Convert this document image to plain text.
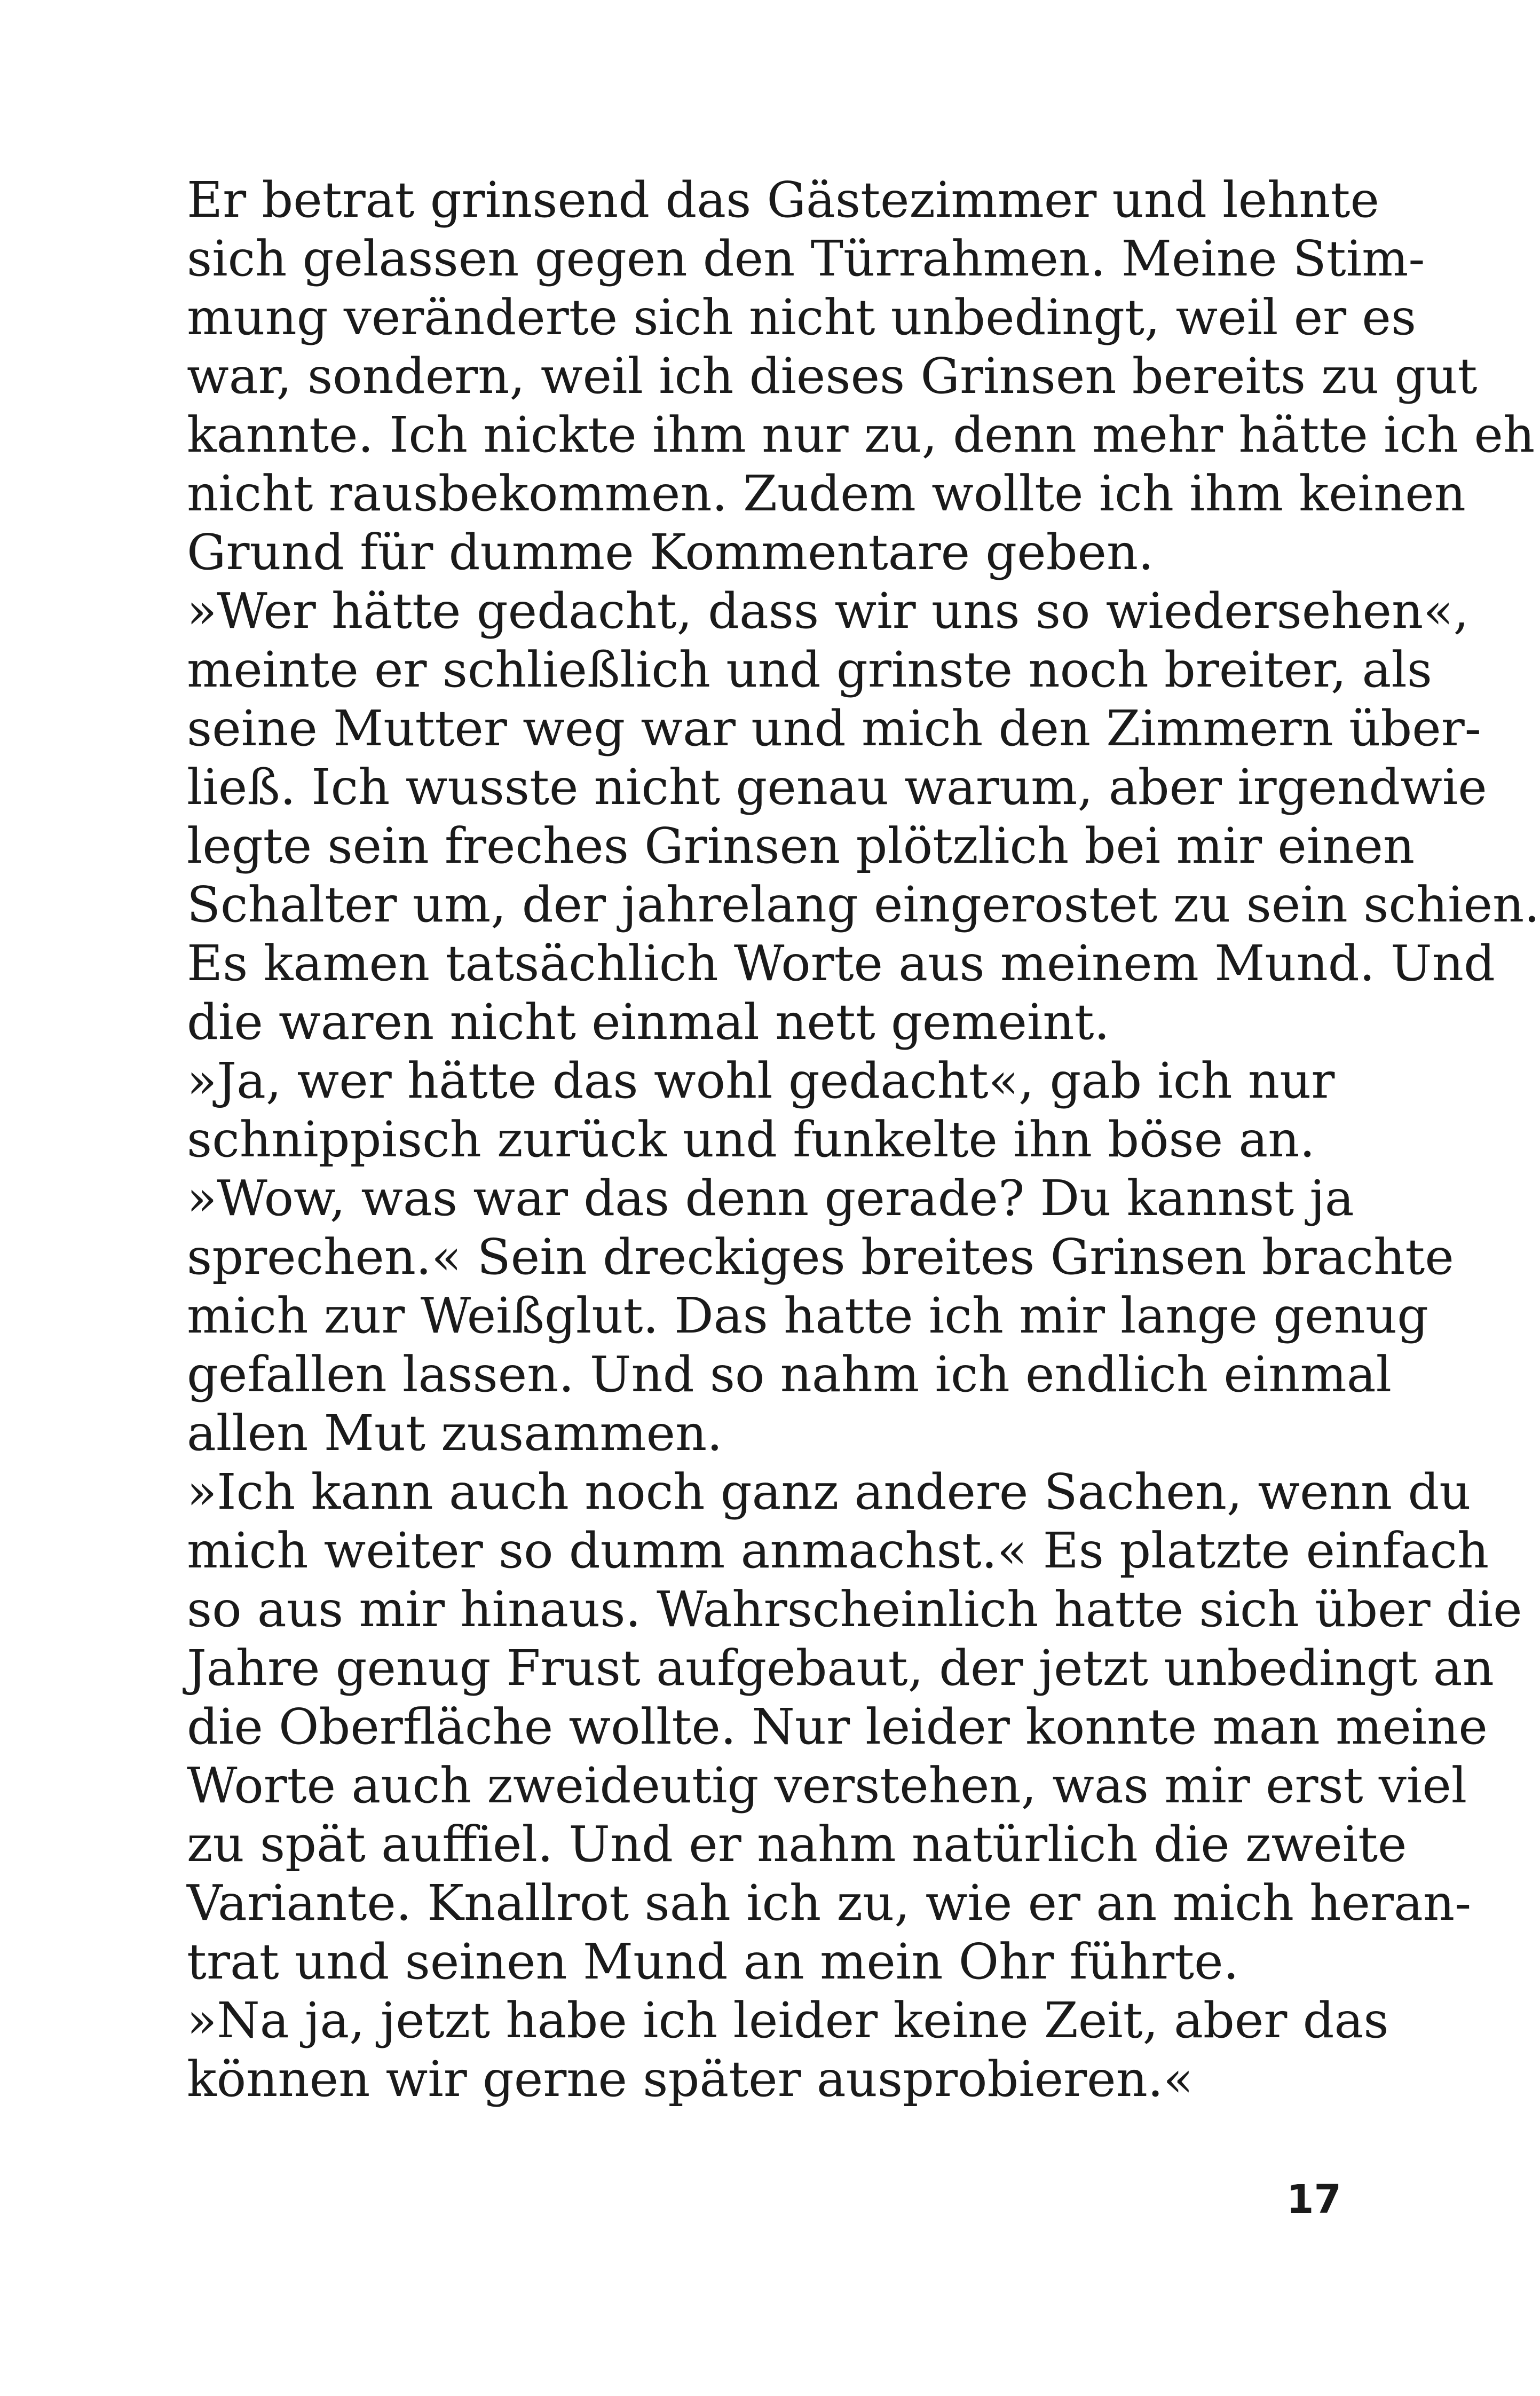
Er betrat grinsend das Gästezimmer und lehnte
sich gelassen gegen den Türrahmen. Meine Stim-
mung veränderte sich nicht unbedingt, weil er es
war, sondern, weil ich dieses Grinsen bereits zu gut
kannte. Ich nickte ihm nur zu, denn mehr hätte ich eh
nicht rausbekommen. Zudem wollte ich ihm keinen
Grund für dumme Kommentare geben.
»Wer hätte gedacht, dass wir uns so wiedersehen«,
meinte er schließlich und grinste noch breiter, als
seine Mutter weg war und mich den Zimmern über-
ließ. Ich wusste nicht genau warum, aber irgendwie
legte sein freches Grinsen plötzlich bei mir einen
Schalter um, der jahrelang eingerostet zu sein schien.
Es kamen tatsächlich Worte aus meinem Mund. Und
die waren nicht einmal nett gemeint.
»Ja, wer hätte das wohl gedacht«, gab ich nur
schnippisch zurück und funkelte ihn böse an.
»Wow, was war das denn gerade? Du kannst ja
sprechen.« Sein dreckiges breites Grinsen brachte
mich zur Weißglut. Das hatte ich mir lange genug
gefallen lassen. Und so nahm ich endlich einmal
allen Mut zusammen.
»Ich kann auch noch ganz andere Sachen, wenn du
mich weiter so dumm anmachst.« Es platzte einfach
so aus mir hinaus. Wahrscheinlich hatte sich über die
Jahre genug Frust aufgebaut, der jetzt unbedingt an
die Oberfläche wollte. Nur leider konnte man meine
Worte auch zweideutig verstehen, was mir erst viel
zu spät auffiel. Und er nahm natürlich die zweite
Variante. Knallrot sah ich zu, wie er an mich heran-
trat und seinen Mund an mein Ohr führte.
»Na ja, jetzt habe ich leider keine Zeit, aber das
können wir gerne später ausprobieren.«
17
